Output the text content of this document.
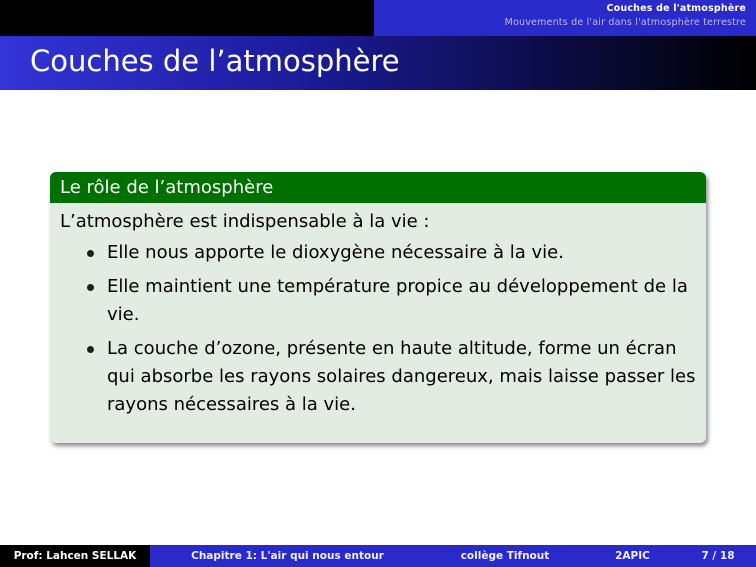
Couches de l'atmosphère
Mouvements de l'air dans l'atmosphère terrestre
Couches de l’atmosphère
Le rôle de l’atmosphère

L’atmosphère est indispensable à la vie :

Elle nous apporte le dioxygène nécessaire à la vie.
Elle maintient une température propice au développement de la vie.
La couche d’ozone, présente en haute altitude, forme un écran qui absorbe les rayons solaires dangereux, mais laisse passer les rayons nécessaires à la vie.
Prof: Lahcen SELLAK	Chapitre 1: L'air qui nous entour	collège Tifnout	2APIC	7 / 18
